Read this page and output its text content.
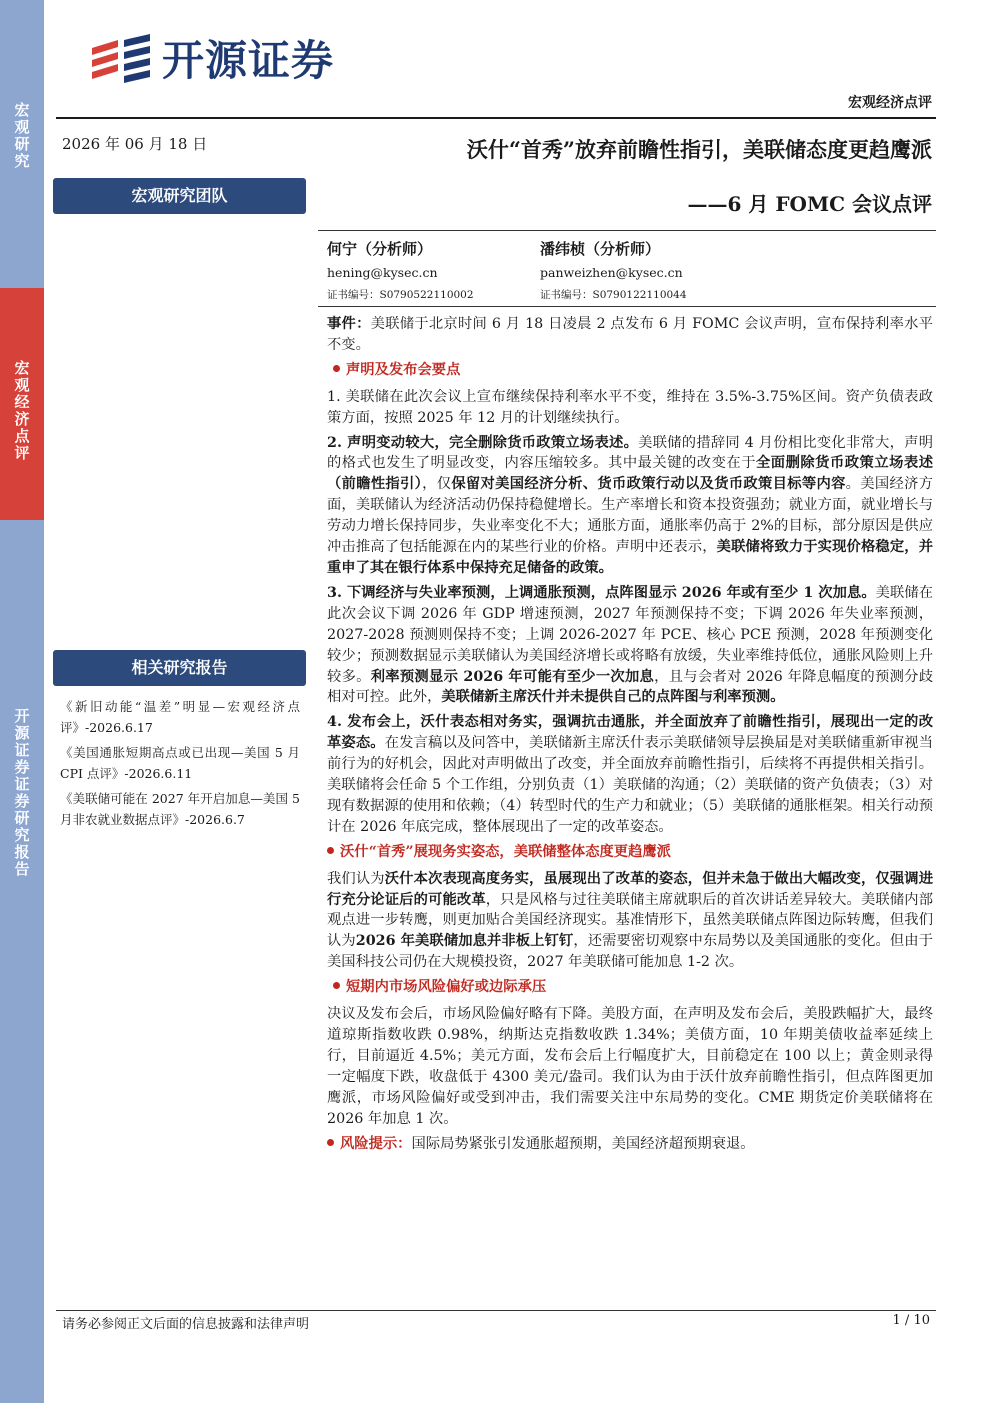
宏观研究
宏观经济点评
开源证券证券研究报告
开源证券
宏观经济点评
2026 年 06 月 18 日
宏观研究团队
相关研究报告
《新旧动能“温差”明显—宏观经济点评》-2026.6.17
《美国通胀短期高点或已出现—美国 5 月 CPI 点评》-2026.6.11
《美联储可能在 2027 年开启加息—美国 5 月非农就业数据点评》-2026.6.7
沃什“首秀”放弃前瞻性指引，美联储态度更趋鹰派
——6 月 FOMC 会议点评
何宁（分析师）
hening@kysec.cn
证书编号：S0790522110002
潘纬桢（分析师）
panweizhen@kysec.cn
证书编号：S0790122110044

事件：美联储于北京时间 6 月 18 日凌晨 2 点发布 6 月 FOMC 会议声明，宣布保持利率水平不变。

声明及发布会要点

1. 美联储在此次会议上宣布继续保持利率水平不变，维持在 3.5%-3.75%区间。资产负债表政策方面，按照 2025 年 12 月的计划继续执行。

2. 声明变动较大，完全删除货币政策立场表述。美联储的措辞同 4 月份相比变化非常大，声明的格式也发生了明显改变，内容压缩较多。其中最关键的改变在于全面删除货币政策立场表述（前瞻性指引），仅保留对美国经济分析、货币政策行动以及货币政策目标等内容。美国经济方面，美联储认为经济活动仍保持稳健增长。生产率增长和资本投资强劲；就业方面，就业增长与劳动力增长保持同步，失业率变化不大；通胀方面，通胀率仍高于 2%的目标，部分原因是供应冲击推高了包括能源在内的某些行业的价格。声明中还表示，美联储将致力于实现价格稳定，并重申了其在银行体系中保持充足储备的政策。

3. 下调经济与失业率预测，上调通胀预测，点阵图显示 2026 年或有至少 1 次加息。美联储在此次会议下调 2026 年 GDP 增速预测，2027 年预测保持不变；下调 2026 年失业率预测，2027-2028 预测则保持不变；上调 2026-2027 年 PCE、核心 PCE 预测，2028 年预测变化较少；预测数据显示美联储认为美国经济增长或将略有放缓，失业率维持低位，通胀风险则上升较多。利率预测显示 2026 年可能有至少一次加息，且与会者对 2026 年降息幅度的预测分歧相对可控。此外，美联储新主席沃什并未提供自己的点阵图与利率预测。

4. 发布会上，沃什表态相对务实，强调抗击通胀，并全面放弃了前瞻性指引，展现出一定的改革姿态。在发言稿以及问答中，美联储新主席沃什表示美联储领导层换届是对美联储重新审视当前行为的好机会，因此对声明做出了改变，并全面放弃前瞻性指引，后续将不再提供相关指引。美联储将会任命 5 个工作组，分别负责（1）美联储的沟通；（2）美联储的资产负债表；（3）对现有数据源的使用和依赖；（4）转型时代的生产力和就业；（5）美联储的通胀框架。相关行动预计在 2026 年底完成，整体展现出了一定的改革姿态。

沃什“首秀”展现务实姿态，美联储整体态度更趋鹰派

我们认为沃什本次表现高度务实，虽展现出了改革的姿态，但并未急于做出大幅改变，仅强调进行充分论证后的可能改革，只是风格与过往美联储主席就职后的首次讲话差异较大。美联储内部观点进一步转鹰，则更加贴合美国经济现实。基准情形下，虽然美联储点阵图边际转鹰，但我们认为2026 年美联储加息并非板上钉钉，还需要密切观察中东局势以及美国通胀的变化。但由于美国科技公司仍在大规模投资，2027 年美联储可能加息 1-2 次。

短期内市场风险偏好或边际承压

决议及发布会后，市场风险偏好略有下降。美股方面，在声明及发布会后，美股跌幅扩大，最终道琼斯指数收跌 0.98%，纳斯达克指数收跌 1.34%；美债方面，10 年期美债收益率延续上行，目前逼近 4.5%；美元方面，发布会后上行幅度扩大，目前稳定在 100 以上；黄金则录得一定幅度下跌，收盘低于 4300 美元/盎司。我们认为由于沃什放弃前瞻性指引，但点阵图更加鹰派，市场风险偏好或受到冲击，我们需要关注中东局势的变化。CME 期货定价美联储将在 2026 年加息 1 次。

风险提示：国际局势紧张引发通胀超预期，美国经济超预期衰退。

请务必参阅正文后面的信息披露和法律声明	1 / 10
